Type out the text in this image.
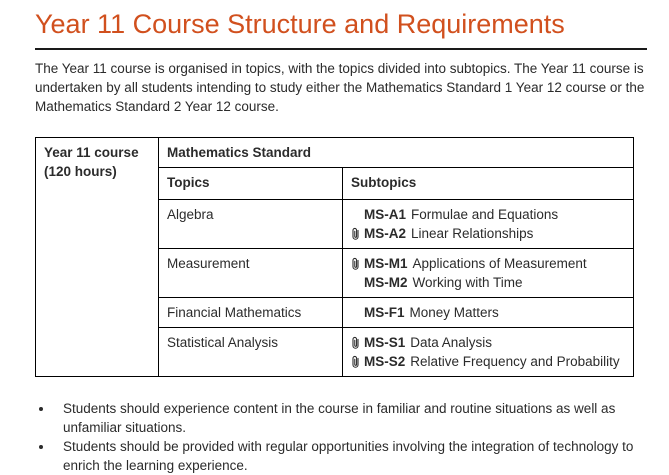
Year 11 Course Structure and Requirements

The Year 11 course is organised in topics, with the topics divided into subtopics. The Year 11 course is undertaken by all students intending to study either the Mathematics Standard 1 Year 12 course or the Mathematics Standard 2 Year 12 course.

Year 11 course
(120 hours)	Mathematics Standard	
	Topics	Subtopics
	Algebra	MS-A1 Formulae and Equations
MS-A2 Linear Relationships

	Measurement	MS-M1 Applications of Measurement
MS-M2 Working with Time

	Financial Mathematics	MS-F1 Money Matters

	Statistical Analysis	MS-S1 Data Analysis
MS-S2 Relative Frequency and Probability
• Students should experience content in the course in familiar and routine situations as well as unfamiliar situations.
• Students should be provided with regular opportunities involving the integration of technology to enrich the learning experience.
